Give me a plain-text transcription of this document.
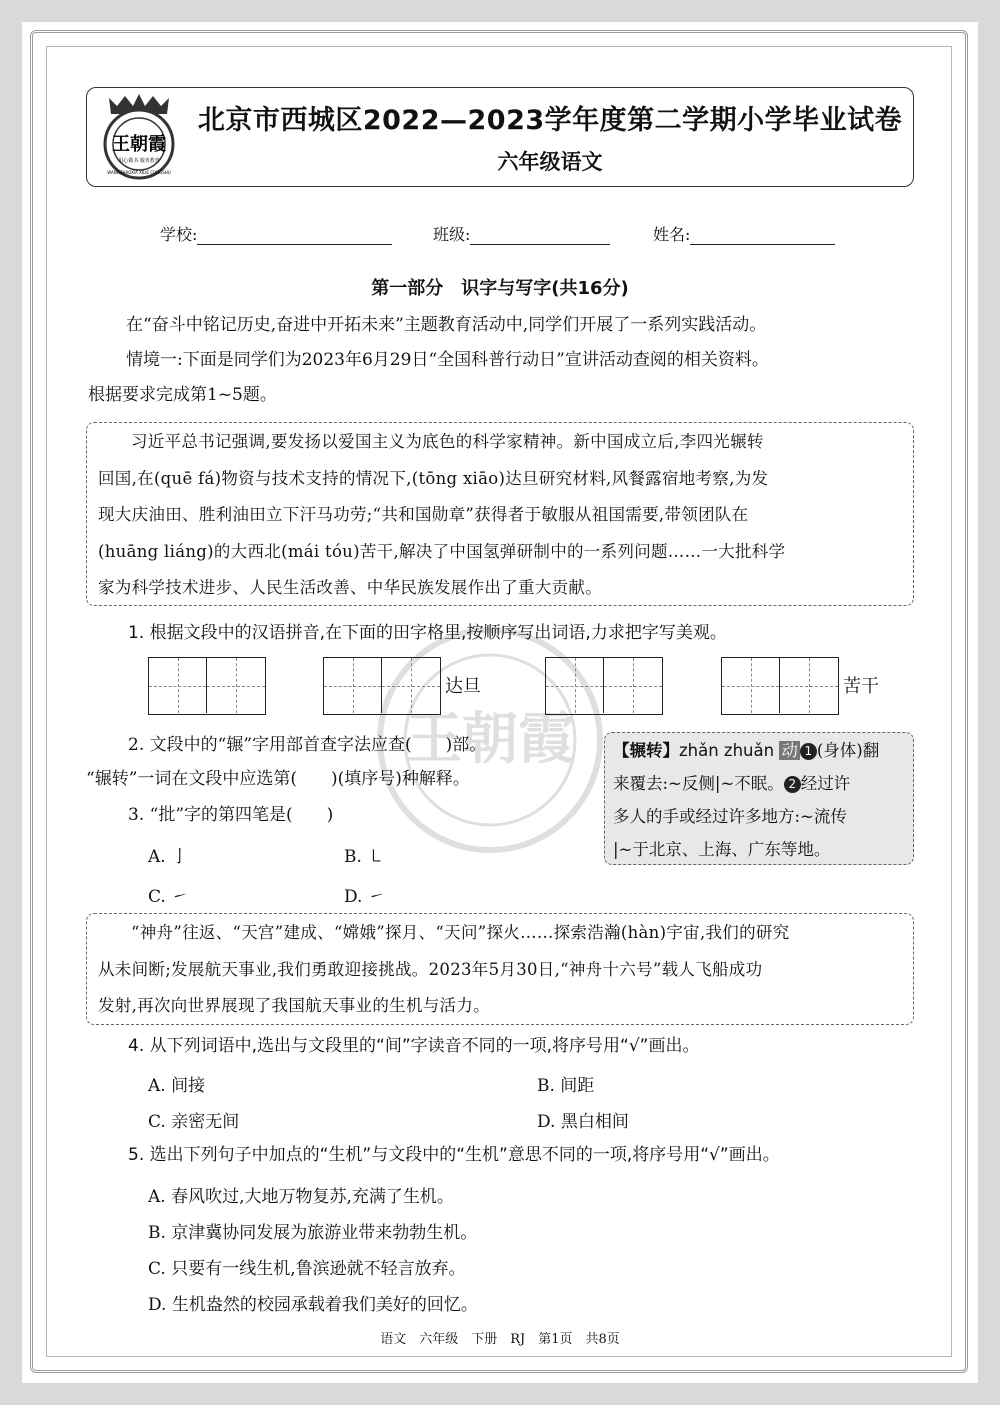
王朝霞
王朝霞
用心做书 服务教育
WANGZHAOXIA XILIE CONGSHU
北京市西城区2022—2023学年度第二学期小学毕业试卷
六年级语文
学校:	班级:	姓名:
第一部分　识字与写字(共16分)
在“奋斗中铭记历史,奋进中开拓未来”主题教育活动中,同学们开展了一系列实践活动。
情境一:下面是同学们为2023年6月29日“全国科普行动日”宣讲活动查阅的相关资料。
根据要求完成第1~5题。
习近平总书记强调,要发扬以爱国主义为底色的科学家精神。新中国成立后,李四光辗转
回国,在(quē fá)物资与技术支持的情况下,(tōng xiāo)达旦研究材料,风餐露宿地考察,为发
现大庆油田、胜利油田立下汗马功劳;“共和国勋章”获得者于敏服从祖国需要,带领团队在
(huāng liáng)的大西北(mái tóu)苦干,解决了中国氢弹研制中的一系列问题……一大批科学
家为科学技术进步、人民生活改善、中华民族发展作出了重大贡献。
1. 根据文段中的汉语拼音,在下面的田字格里,按顺序写出词语,力求把字写美观。
达旦	苦干
2. 文段中的“辗”字用部首查字法应查(　　)部。
“辗转”一词在文段中应选第(　　)(填序号)种解释。
【辗转】zhǎn zhuǎn 动 1 (身体)翻
来覆去:~反侧|~不眠。 2 经过许
多人的手或经过许多地方:~流传
|~于北京、上海、广东等地。
3. “批”字的第四笔是(　　)
A. 亅	B. ㇄
C. ㇀	D. ㇀
“神舟”往返、“天宫”建成、“嫦娥”探月、“天问”探火……探索浩瀚(hàn)宇宙,我们的研究
从未间断;发展航天事业,我们勇敢迎接挑战。2023年5月30日,“神舟十六号”载人飞船成功
发射,再次向世界展现了我国航天事业的生机与活力。
4. 从下列词语中,选出与文段里的“间”字读音不同的一项,将序号用“√”画出。
A. 间接	B. 间距
C. 亲密无间	D. 黑白相间
5. 选出下列句子中加点的“生机”与文段中的“生机”意思不同的一项,将序号用“√”画出。
A. 春风吹过,大地万物复苏,充满了生机。
B. 京津冀协同发展为旅游业带来勃勃生机。
C. 只要有一线生机,鲁滨逊就不轻言放弃。
D. 生机盎然的校园承载着我们美好的回忆。
语文　六年级　下册　RJ　第1页　共8页
